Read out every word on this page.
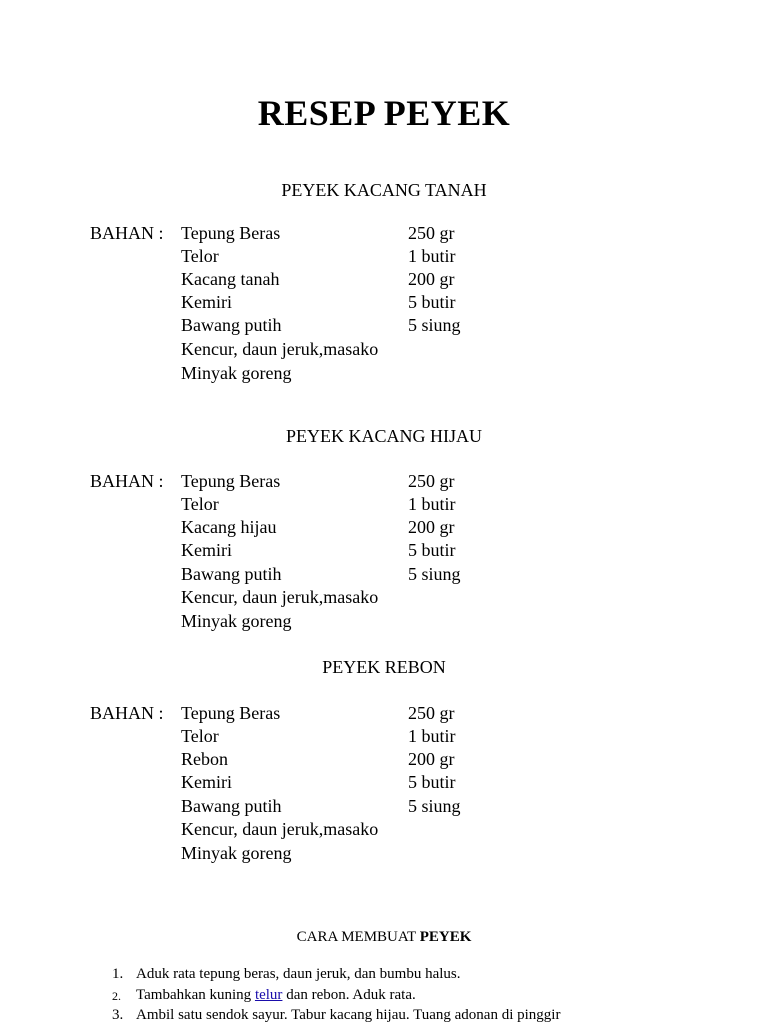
RESEP PEYEK
PEYEK KACANG TANAH
BAHAN : Tepung Beras	250 gr
Telor	1 butir
Kacang tanah	200 gr
Kemiri	5 butir
Bawang putih	5 siung
Kencur, daun jeruk,masako
Minyak goreng
PEYEK KACANG HIJAU
BAHAN : Tepung Beras	250 gr
Telor	1 butir
Kacang hijau	200 gr
Kemiri	5 butir
Bawang putih	5 siung
Kencur, daun jeruk,masako
Minyak goreng
PEYEK REBON
BAHAN : Tepung Beras	250 gr
Telor	1 butir
Rebon	200 gr
Kemiri	5 butir
Bawang putih	5 siung
Kencur, daun jeruk,masako
Minyak goreng
CARA MEMBUAT PEYEK
1. Aduk rata tepung beras, daun jeruk, dan bumbu halus.
2.	Tambahkan kuning telur dan rebon. Aduk rata.
3. Ambil satu sendok sayur. Tabur kacang hijau. Tuang adonan di pinggir
